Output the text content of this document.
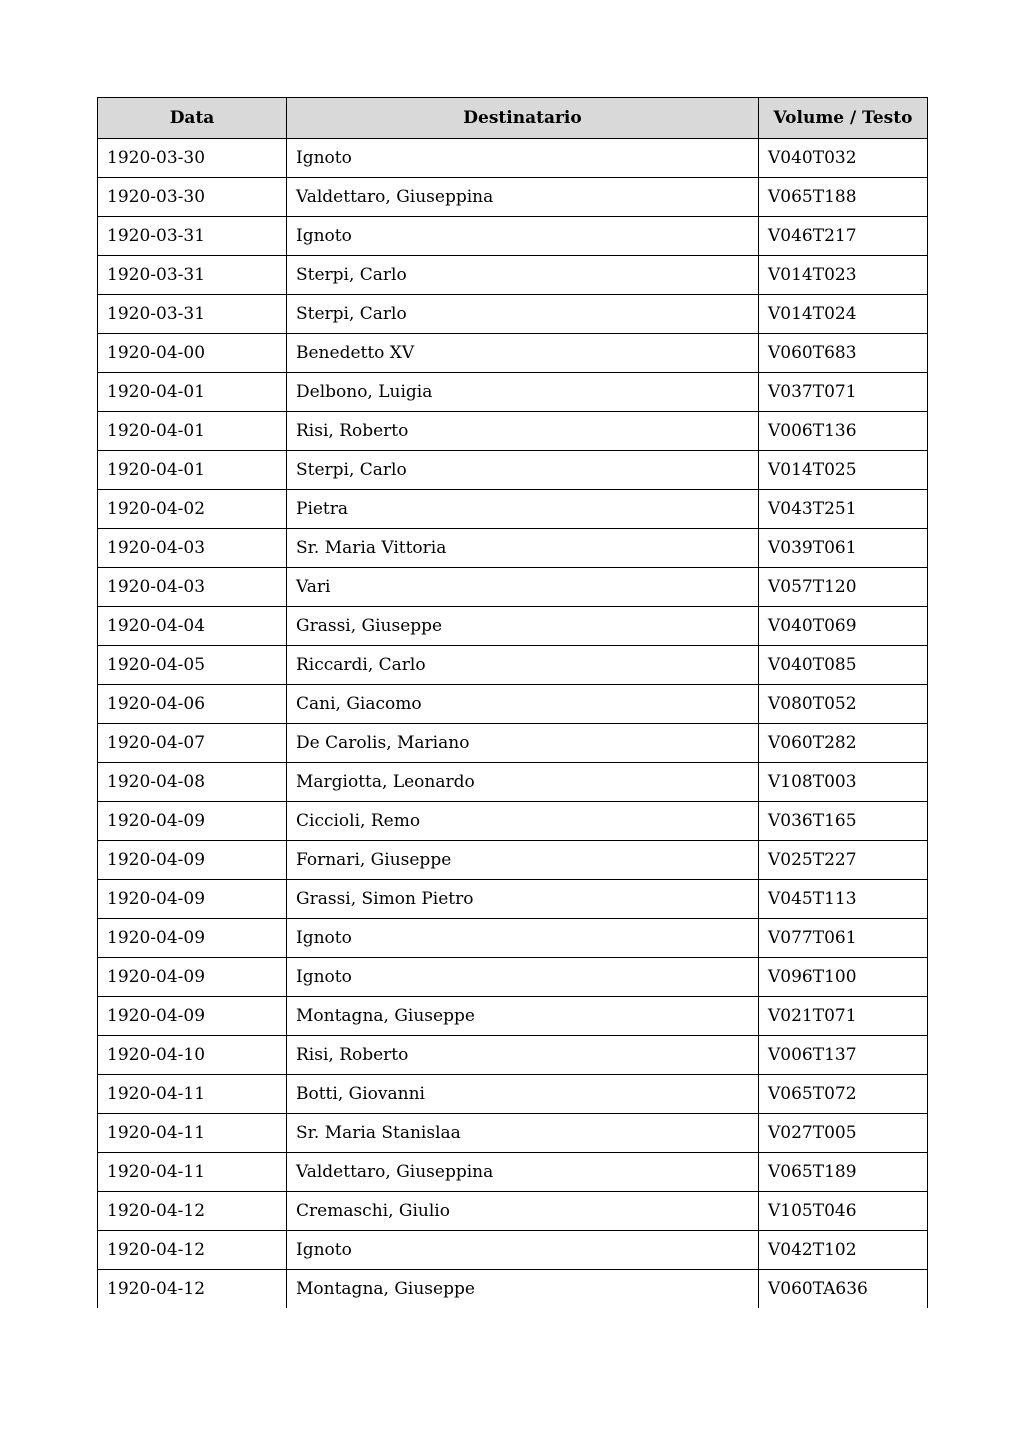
Data	Destinatario	Volume / Testo
1920-03-30	Ignoto	V040T032
1920-03-30	Valdettaro, Giuseppina	V065T188
1920-03-31	Ignoto	V046T217
1920-03-31	Sterpi, Carlo	V014T023
1920-03-31	Sterpi, Carlo	V014T024
1920-04-00	Benedetto XV	V060T683
1920-04-01	Delbono, Luigia	V037T071
1920-04-01	Risi, Roberto	V006T136
1920-04-01	Sterpi, Carlo	V014T025
1920-04-02	Pietra	V043T251
1920-04-03	Sr. Maria Vittoria	V039T061
1920-04-03	Vari	V057T120
1920-04-04	Grassi, Giuseppe	V040T069
1920-04-05	Riccardi, Carlo	V040T085
1920-04-06	Cani, Giacomo	V080T052
1920-04-07	De Carolis, Mariano	V060T282
1920-04-08	Margiotta, Leonardo	V108T003
1920-04-09	Ciccioli, Remo	V036T165
1920-04-09	Fornari, Giuseppe	V025T227
1920-04-09	Grassi, Simon Pietro	V045T113
1920-04-09	Ignoto	V077T061
1920-04-09	Ignoto	V096T100
1920-04-09	Montagna, Giuseppe	V021T071
1920-04-10	Risi, Roberto	V006T137
1920-04-11	Botti, Giovanni	V065T072
1920-04-11	Sr. Maria Stanislaa	V027T005
1920-04-11	Valdettaro, Giuseppina	V065T189
1920-04-12	Cremaschi, Giulio	V105T046
1920-04-12	Ignoto	V042T102
1920-04-12	Montagna, Giuseppe	V060TA636
